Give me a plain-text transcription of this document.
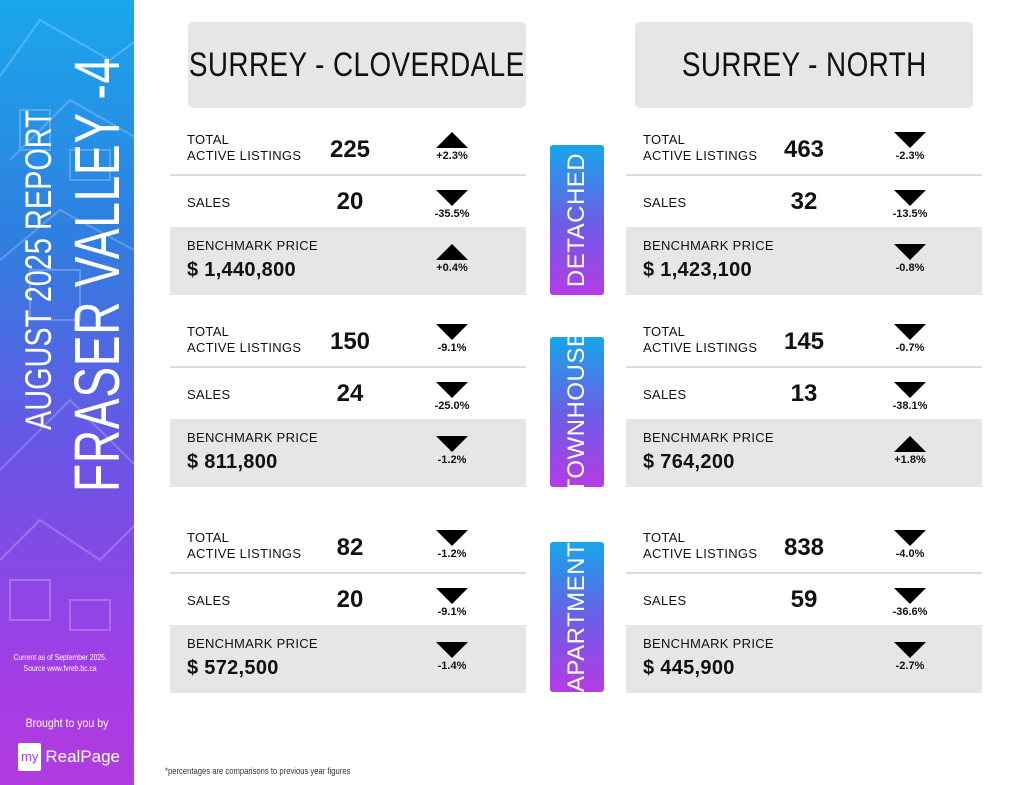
AUGUST 2025 REPORT FRASER VALLEY -4
Current as of September 2025.
Source www.fvreb.bc.ca
Brought to you by
my RealPage
SURREY - CLOVERDALE	SURREY - NORTH
DETACHED
TOWNHOUSE
APARTMENT
TOTAL
ACTIVE LISTINGS	225	+2.3%
SALES	20	-35.5%
BENCHMARK PRICE
$ 1,440,800	+0.4%
TOTAL
ACTIVE LISTINGS	150	-9.1%
SALES	24	-25.0%
BENCHMARK PRICE
$ 811,800	-1.2%
TOTAL
ACTIVE LISTINGS	82	-1.2%
SALES	20	-9.1%
BENCHMARK PRICE
$ 572,500	-1.4%
TOTAL
ACTIVE LISTINGS	463	-2.3%
SALES	32	-13.5%
BENCHMARK PRICE
$ 1,423,100	-0.8%
TOTAL
ACTIVE LISTINGS	145	-0.7%
SALES	13	-38.1%
BENCHMARK PRICE
$ 764,200	+1.8%
TOTAL
ACTIVE LISTINGS	838	-4.0%
SALES	59	-36.6%
BENCHMARK PRICE
$ 445,900	-2.7%
*percentages are comparisons to previous year figures
